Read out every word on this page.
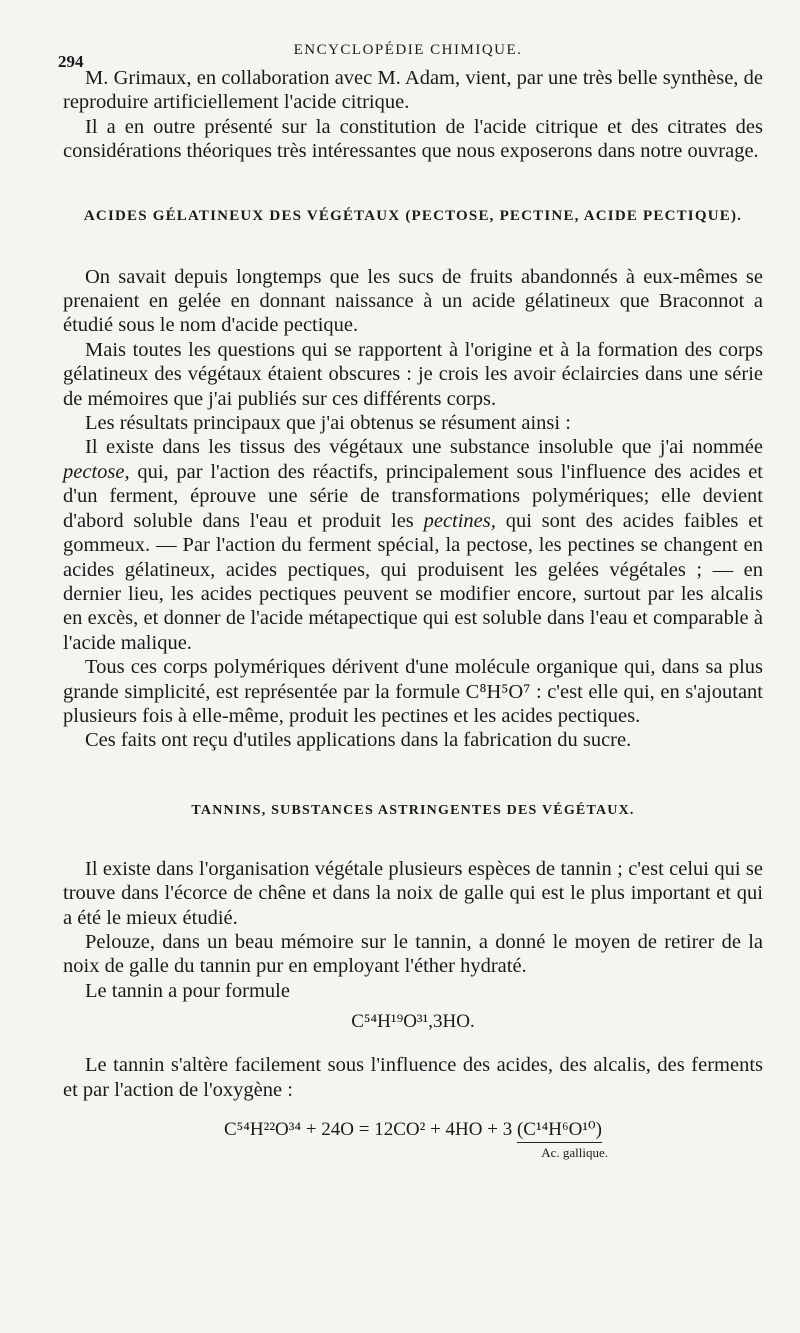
294
ENCYCLOPÉDIE CHIMIQUE.

M. Grimaux, en collaboration avec M. Adam, vient, par une très belle synthèse, de reproduire artificiellement l'acide citrique.

Il a en outre présenté sur la constitution de l'acide citrique et des citrates des considérations théoriques très intéressantes que nous exposerons dans notre ouvrage.

ACIDES GÉLATINEUX DES VÉGÉTAUX (PECTOSE, PECTINE, ACIDE PECTIQUE).

On savait depuis longtemps que les sucs de fruits abandonnés à eux-mêmes se prenaient en gelée en donnant naissance à un acide gélatineux que Braconnot a étudié sous le nom d'acide pectique.

Mais toutes les questions qui se rapportent à l'origine et à la formation des corps gélatineux des végétaux étaient obscures : je crois les avoir éclaircies dans une série de mémoires que j'ai publiés sur ces différents corps.

Les résultats principaux que j'ai obtenus se résument ainsi :

Il existe dans les tissus des végétaux une substance insoluble que j'ai nommée pectose, qui, par l'action des réactifs, principalement sous l'influence des acides et d'un ferment, éprouve une série de transformations polymériques; elle devient d'abord soluble dans l'eau et produit les pectines, qui sont des acides faibles et gommeux. — Par l'action du ferment spécial, la pectose, les pectines se changent en acides gélatineux, acides pectiques, qui produisent les gelées végétales ; — en dernier lieu, les acides pectiques peuvent se modifier encore, surtout par les alcalis en excès, et donner de l'acide métapectique qui est soluble dans l'eau et comparable à l'acide malique.

Tous ces corps polymériques dérivent d'une molécule organique qui, dans sa plus grande simplicité, est représentée par la formule C⁸H⁵O⁷ : c'est elle qui, en s'ajoutant plusieurs fois à elle-même, produit les pectines et les acides pectiques.

Ces faits ont reçu d'utiles applications dans la fabrication du sucre.

TANNINS, SUBSTANCES ASTRINGENTES DES VÉGÉTAUX.

Il existe dans l'organisation végétale plusieurs espèces de tannin ; c'est celui qui se trouve dans l'écorce de chêne et dans la noix de galle qui est le plus important et qui a été le mieux étudié.

Pelouze, dans un beau mémoire sur le tannin, a donné le moyen de retirer de la noix de galle du tannin pur en employant l'éther hydraté.

Le tannin a pour formule

C⁵⁴H¹⁹O³¹,3HO.

Le tannin s'altère facilement sous l'influence des acides, des alcalis, des ferments et par l'action de l'oxygène :

C⁵⁴H²²O³⁴ + 24O = 12CO² + 4HO + 3 (C¹⁴H⁶O¹⁰)
Ac. gallique.
